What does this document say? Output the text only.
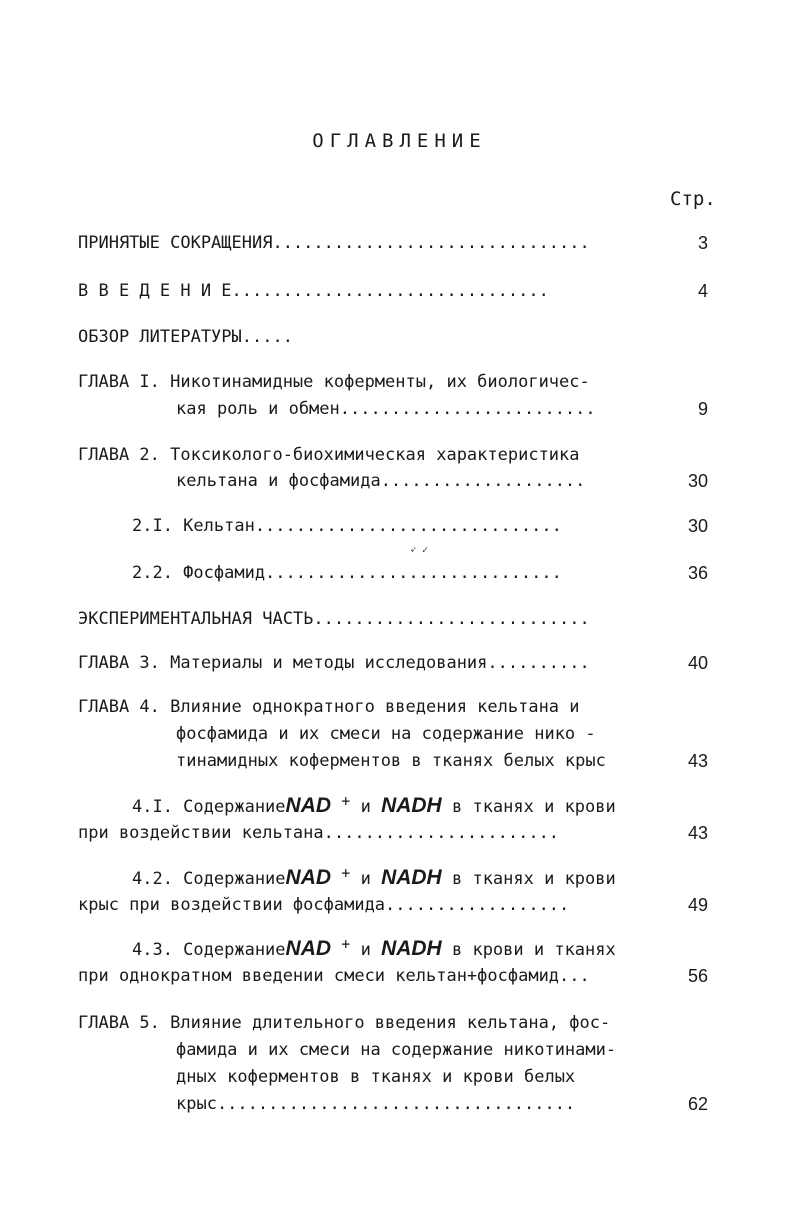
ОГЛАВЛЕНИЕ
Стр.
ПРИНЯТЫЕ СОКРАЩЕНИЯ...............................	3
В В Е Д Е Н И Е...............................	4
ОБЗОР ЛИТЕРАТУРЫ.....
ГЛАВА I. Никотинамидные коферменты, их биологичес-
кая роль и обмен.........................	9
ГЛАВА 2. Токсиколого-биохимическая характеристика
кельтана и фосфамида....................	30
2.I. Кельтан..............................	30
➶ ✓
2.2. Фосфамид.............................	36
ЭКСПЕРИМЕНТАЛЬНАЯ ЧАСТЬ...........................
ГЛАВА 3. Материалы и методы исследования..........	40
ГЛАВА 4. Влияние однократного введения кельтана и
фосфамида и их смеси на содержание нико -
тинамидных коферментов в тканях белых крыс	43
4.I. СодержаниеNAD + и NADH в тканях и крови
при воздействии кельтана.......................	43
4.2. СодержаниеNAD + и NADH в тканях и крови
крыс при воздействии фосфамида..................	49
4.3. СодержаниеNAD + и NADH в крови и тканях
при однократном введении смеси кельтан+фосфамид...	56
ГЛАВА 5. Влияние длительного введения кельтана, фос-
фамида и их смеси на содержание никотинами-
дных коферментов в тканях и крови белых
крыс...................................	62
